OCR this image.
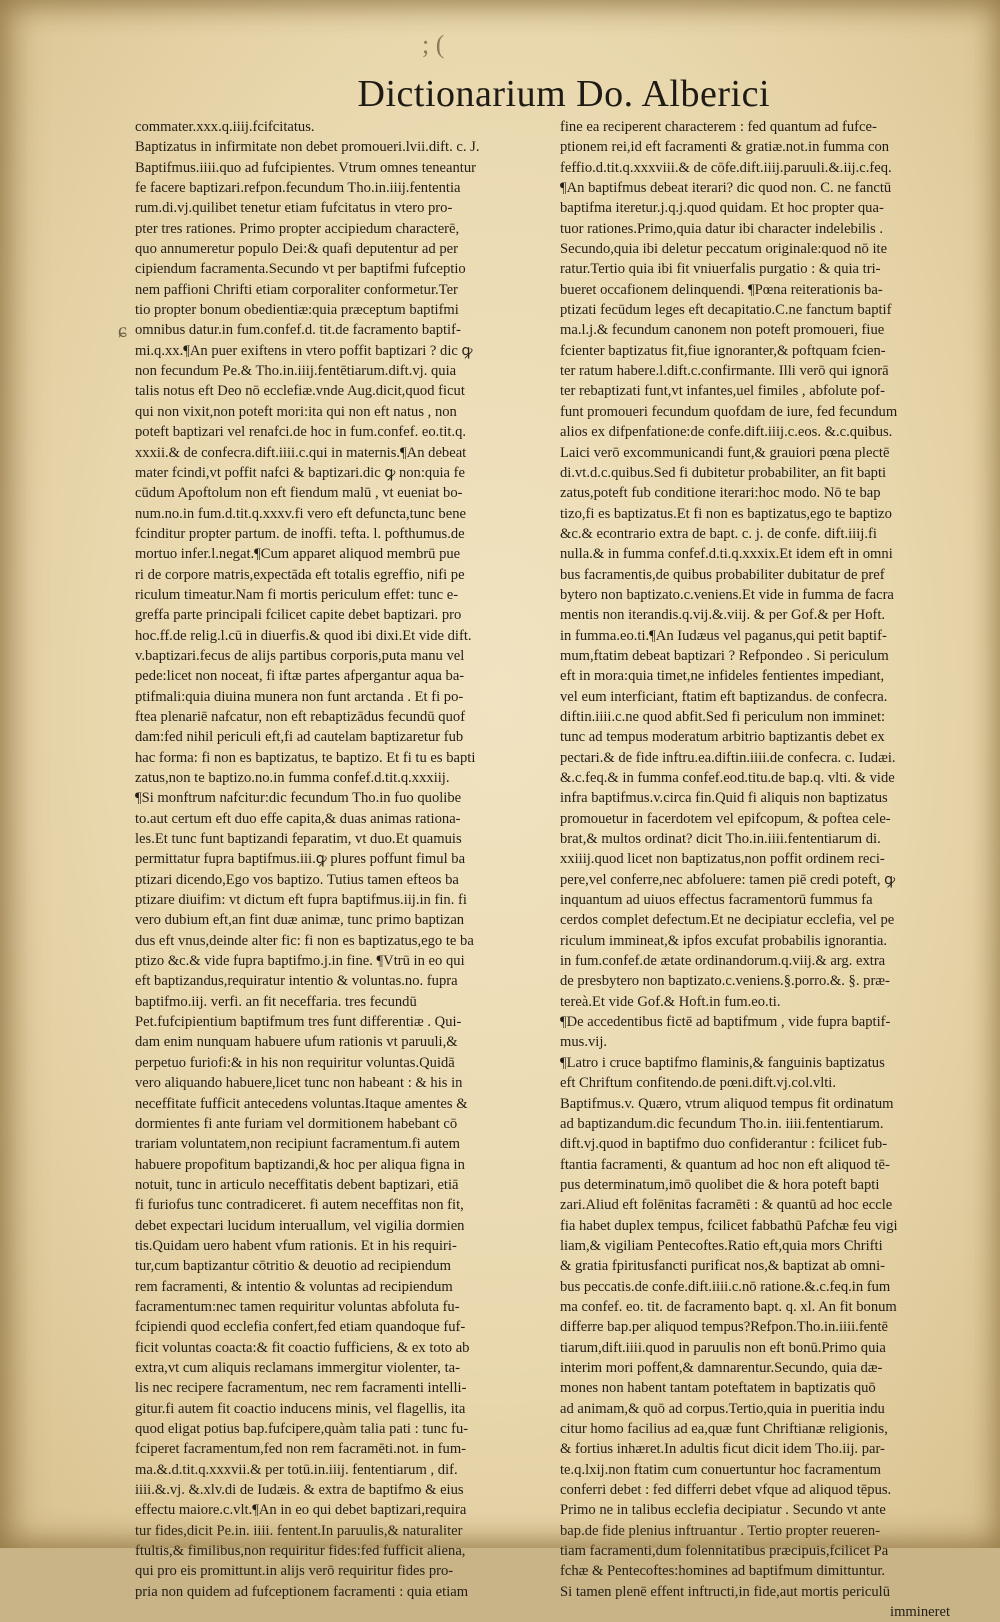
; (
Dictionarium Do. Alberici
ɕ
commater.xxx.q.iiij.fcifcitatus.
Baptizatus in infirmitate non debet promoueri.lvii.dift. c. J.
Baptifmus.iiii.quo ad fufcipientes. Vtrum omnes teneantur
fe facere baptizari.refpon.fecundum Tho.in.iiij.fententia
rum.di.vj.quilibet tenetur etiam fufcitatus in vtero pro-
pter tres rationes. Primo propter accipiedum characterē,
quo annumeretur populo Dei:& quafi deputentur ad per
cipiendum facramenta.Secundo vt per baptifmi fufceptio
nem paffioni Chrifti etiam corporaliter conformetur.Ter
tio propter bonum obedientiæ:quia præceptum baptifmi
omnibus datur.in fum.confef.d. tit.de facramento baptif-
mi.q.xx.¶An puer exiftens in vtero poffit baptizari ? dic ꝙ
non fecundum Pe.& Tho.in.iiij.fentētiarum.dift.vj. quia
talis notus eft Deo nō ecclefiæ.vnde Aug.dicit,quod ficut
qui non vixit,non poteft mori:ita qui non eft natus , non
poteft baptizari vel renafci.de hoc in fum.confef. eo.tit.q.
xxxii.& de confecra.dift.iiii.c.qui in maternis.¶An debeat
mater fcindi,vt poffit nafci & baptizari.dic ꝙ non:quia fe
cūdum Apoftolum non eft fiendum malū , vt eueniat bo-
num.no.in fum.d.tit.q.xxxv.fi vero eft defuncta,tunc bene
fcinditur propter partum. de inoffi. tefta. l. pofthumus.de
mortuo infer.l.negat.¶Cum apparet aliquod membrū pue
ri de corpore matris,expectāda eft totalis egreffio, nifi pe
riculum timeatur.Nam fi mortis periculum effet: tunc e-
greffa parte principali fcilicet capite debet baptizari. pro
hoc.ff.de relig.l.cū in diuerfis.& quod ibi dixi.Et vide dift.
v.baptizari.fecus de alijs partibus corporis,puta manu vel
pede:licet non noceat, fi iftæ partes afpergantur aqua ba-
ptifmali:quia diuina munera non funt arctanda . Et fi po-
ftea plenariē nafcatur, non eft rebaptizādus fecundū quof
dam:fed nihil periculi eft,fi ad cautelam baptizaretur fub
hac forma: fi non es baptizatus, te baptizo. Et fi tu es bapti
zatus,non te baptizo.no.in fumma confef.d.tit.q.xxxiij.
¶Si monftrum nafcitur:dic fecundum Tho.in fuo quolibe
to.aut certum eft duo effe capita,& duas animas rationa-
les.Et tunc funt baptizandi feparatim, vt duo.Et quamuis
permittatur fupra baptifmus.iii.ꝙ plures poffunt fimul ba
ptizari dicendo,Ego vos baptizo. Tutius tamen efteos ba
ptizare diuifim: vt dictum eft fupra baptifmus.iij.in fin. fi
vero dubium eft,an fint duæ animæ, tunc primo baptizan
dus eft vnus,deinde alter fic: fi non es baptizatus,ego te ba
ptizo &c.& vide fupra baptifmo.j.in fine. ¶Vtrū in eo qui
eft baptizandus,requiratur intentio & voluntas.no. fupra
baptifmo.iij. verfi. an fit neceffaria. tres fecundū
Pet.fufcipientium baptifmum tres funt differentiæ . Qui-
dam enim nunquam habuere ufum rationis vt paruuli,&
perpetuo furiofi:& in his non requiritur voluntas.Quidā
vero aliquando habuere,licet tunc non habeant : & his in
neceffitate fufficit antecedens voluntas.Itaque amentes &
dormientes fi ante furiam vel dormitionem habebant cō
trariam voluntatem,non recipiunt facramentum.fi autem
habuere propofitum baptizandi,& hoc per aliqua figna in
notuit, tunc in articulo neceffitatis debent baptizari, etiā
fi furiofus tunc contradiceret. fi autem neceffitas non fit,
debet expectari lucidum interuallum, vel vigilia dormien
tis.Quidam uero habent vfum rationis. Et in his requiri-
tur,cum baptizantur cōtritio & deuotio ad recipiendum
rem facramenti, & intentio & voluntas ad recipiendum
facramentum:nec tamen requiritur voluntas abfoluta fu-
fcipiendi quod ecclefia confert,fed etiam quandoque fuf-
ficit voluntas coacta:& fit coactio fufficiens, & ex toto ab
extra,vt cum aliquis reclamans immergitur violenter, ta-
lis nec recipere facramentum, nec rem facramenti intelli-
gitur.fi autem fit coactio inducens minis, vel flagellis, ita
quod eligat potius bap.fufcipere,quàm talia pati : tunc fu-
fciperet facramentum,fed non rem facramēti.not. in fum-
ma.&.d.tit.q.xxxvii.& per totū.in.iiij. fententiarum , dif.
iiii.&.vj. &.xlv.di de Iudæis. & extra de baptifmo & eius
effectu maiore.c.vlt.¶An in eo qui debet baptizari,requira
tur fides,dicit Pe.in. iiii. fentent.In paruulis,& naturaliter
ftultis,& fimilibus,non requiritur fides:fed fufficit aliena,
qui pro eis promittunt.in alijs verō requiritur fides pro-
pria non quidem ad fufceptionem facramenti : quia etiam
fine ea reciperent characterem : fed quantum ad fufce-
ptionem rei,id eft facramenti & gratiæ.not.in fumma con
feffio.d.tit.q.xxxviii.& de cōfe.dift.iiij.paruuli.&.iij.c.feq.
¶An baptifmus debeat iterari? dic quod non. C. ne fanctū
baptifma iteretur.j.q.j.quod quidam. Et hoc propter qua-
tuor rationes.Primo,quia datur ibi character indelebilis .
Secundo,quia ibi deletur peccatum originale:quod nō ite
ratur.Tertio quia ibi fit vniuerfalis purgatio : & quia tri-
bueret occafionem delinquendi. ¶Pœna reiterationis ba-
ptizati fecūdum leges eft decapitatio.C.ne fanctum baptif
ma.l.j.& fecundum canonem non poteft promoueri, fiue
fcienter baptizatus fit,fiue ignoranter,& poftquam fcien-
ter ratum habere.l.dift.c.confirmante. Illi verō qui ignorā
ter rebaptizati funt,vt infantes,uel fimiles , abfolute pof-
funt promoueri fecundum quofdam de iure, fed fecundum
alios ex difpenfatione:de confe.dift.iiij.c.eos. &.c.quibus.
Laici verō excommunicandi funt,& grauiori pœna plectē
di.vt.d.c.quibus.Sed fi dubitetur probabiliter, an fit bapti
zatus,poteft fub conditione iterari:hoc modo. Nō te bap
tizo,fi es baptizatus.Et fi non es baptizatus,ego te baptizo
&c.& econtrario extra de bapt. c. j. de confe. dift.iiij.fi
nulla.& in fumma confef.d.ti.q.xxxix.Et idem eft in omni
bus facramentis,de quibus probabiliter dubitatur de pref
bytero non baptizato.c.veniens.Et vide in fumma de facra
mentis non iterandis.q.vij.&.viij. & per Gof.& per Hoft.
in fumma.eo.ti.¶An Iudæus vel paganus,qui petit baptif-
mum,ftatim debeat baptizari ? Refpondeo . Si periculum
eft in mora:quia timet,ne infideles fentientes impediant,
vel eum interficiant, ftatim eft baptizandus. de confecra.
diftin.iiii.c.ne quod abfit.Sed fi periculum non imminet:
tunc ad tempus moderatum arbitrio baptizantis debet ex
pectari.& de fide inftru.ea.diftin.iiii.de confecra. c. Iudæi.
&.c.feq.& in fumma confef.eod.titu.de bap.q. vlti. & vide
infra baptifmus.v.circa fin.Quid fi aliquis non baptizatus
promouetur in facerdotem vel epifcopum, & poftea cele-
brat,& multos ordinat? dicit Tho.in.iiii.fententiarum di.
xxiiij.quod licet non baptizatus,non poffit ordinem reci-
pere,vel conferre,nec abfoluere: tamen piē credi poteft, ꝙ
inquantum ad uiuos effectus facramentorū fummus fa
cerdos complet defectum.Et ne decipiatur ecclefia, vel pe
riculum immineat,& ipfos excufat probabilis ignorantia.
in fum.confef.de ætate ordinandorum.q.viij.& arg. extra
de presbytero non baptizato.c.veniens.§.porro.&. §. præ-
tereà.Et vide Gof.& Hoft.in fum.eo.ti.
¶De accedentibus fictē ad baptifmum , vide fupra baptif-
mus.vij.
¶Latro i cruce baptifmo flaminis,& fanguinis baptizatus
eft Chriftum confitendo.de pœni.dift.vj.col.vlti.
Baptifmus.v. Quæro, vtrum aliquod tempus fit ordinatum
ad baptizandum.dic fecundum Tho.in. iiii.fententiarum.
dift.vj.quod in baptifmo duo confiderantur : fcilicet fub-
ftantia facramenti, & quantum ad hoc non eft aliquod tē-
pus determinatum,imō quolibet die & hora poteft bapti
zari.Aliud eft folēnitas facramēti : & quantū ad hoc eccle
fia habet duplex tempus, fcilicet fabbathū Pafchæ feu vigi
liam,& vigiliam Pentecoftes.Ratio eft,quia mors Chrifti
& gratia fpiritusfancti purificat nos,& baptizat ab omni-
bus peccatis.de confe.dift.iiii.c.nō ratione.&.c.feq.in fum
ma confef. eo. tit. de facramento bapt. q. xl. An fit bonum
differre bap.per aliquod tempus?Refpon.Tho.in.iiii.fentē
tiarum,dift.iiii.quod in paruulis non eft bonū.Primo quia
interim mori poffent,& damnarentur.Secundo, quia dæ-
mones non habent tantam poteftatem in baptizatis quō
ad animam,& quō ad corpus.Tertio,quia in pueritia indu
citur homo facilius ad ea,quæ funt Chriftianæ religionis,
& fortius inhæret.In adultis ficut dicit idem Tho.iij. par-
te.q.lxij.non ftatim cum conuertuntur hoc facramentum
conferri debet : fed differri debet vfque ad aliquod tēpus.
Primo ne in talibus ecclefia decipiatur . Secundo vt ante
bap.de fide plenius inftruantur . Tertio propter reueren-
tiam facramenti,dum folennitatibus præcipuis,fcilicet Pa
fchæ & Pentecoftes:homines ad baptifmum dimittuntur.
Si tamen plenē effent inftructi,in fide,aut mortis periculū
immineret
